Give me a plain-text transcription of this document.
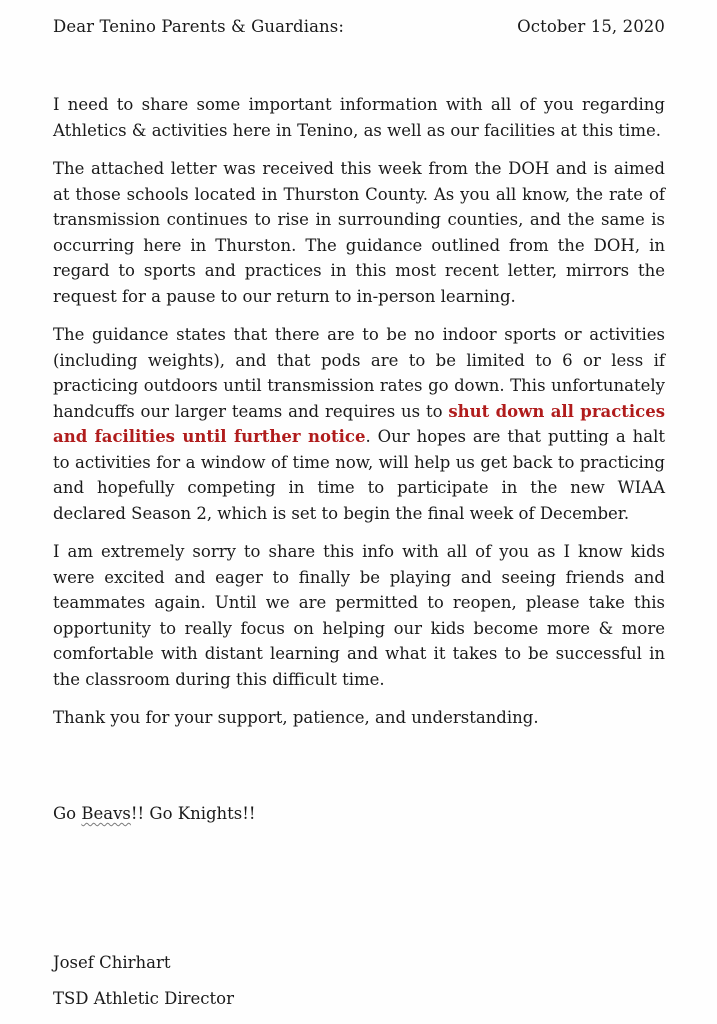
Dear Tenino Parents & Guardians:	October 15, 2020

I need to share some important information with all of you regarding Athletics & activities here in Tenino, as well as our facilities at this time.

The attached letter was received this week from the DOH and is aimed at those schools located in Thurston County. As you all know, the rate of transmission continues to rise in surrounding counties, and the same is occurring here in Thurston. The guidance outlined from the DOH, in regard to sports and practices in this most recent letter, mirrors the request for a pause to our return to in-person learning.

The guidance states that there are to be no indoor sports or activities (including weights), and that pods are to be limited to 6 or less if practicing outdoors until transmission rates go down. This unfortunately handcuffs our larger teams and requires us to shut down all practices and facilities until further notice. Our hopes are that putting a halt to activities for a window of time now, will help us get back to practicing and hopefully competing in time to participate in the new WIAA declared Season 2, which is set to begin the final week of December.

I am extremely sorry to share this info with all of you as I know kids were excited and eager to finally be playing and seeing friends and teammates again. Until we are permitted to reopen, please take this opportunity to really focus on helping our kids become more & more comfortable with distant learning and what it takes to be successful in the classroom during this difficult time.

Thank you for your support, patience, and understanding.

Go Beavs!! Go Knights!!
Josef Chirhart
TSD Athletic Director
